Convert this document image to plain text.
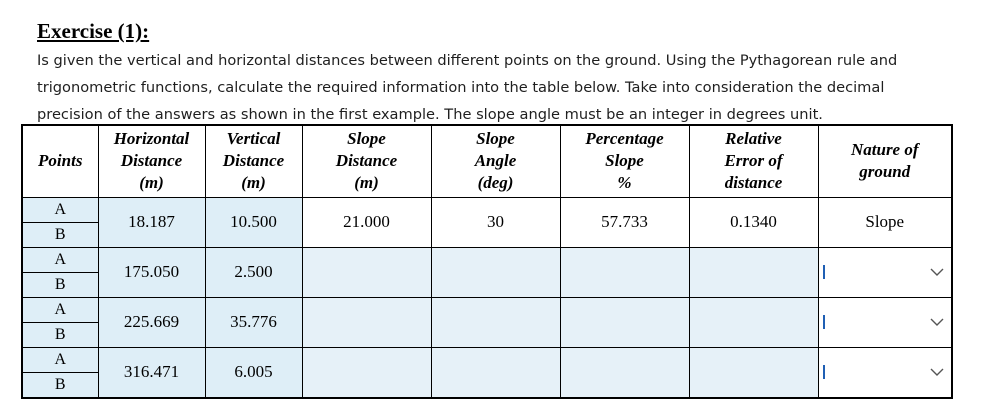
Exercise (1):
Is given the vertical and horizontal distances between different points on the ground. Using the Pythagorean rule and
trigonometric functions, calculate the required information into the table below. Take into consideration the decimal
precision of the answers as shown in the first example. The slope angle must be an integer in degrees unit.
Points	Horizontal
Distance
(m)	Vertical
Distance
(m)	Slope
Distance
(m)	Slope
Angle
(deg)	Percentage
Slope
%	Relative
Error of
distance	Nature of
ground

A	18.187	10.500	21.000	30	57.733	0.1340	Slope
B							
A	175.050	2.500					

B							
A	225.669	35.776					

B							
A	316.471	6.005					

B							
